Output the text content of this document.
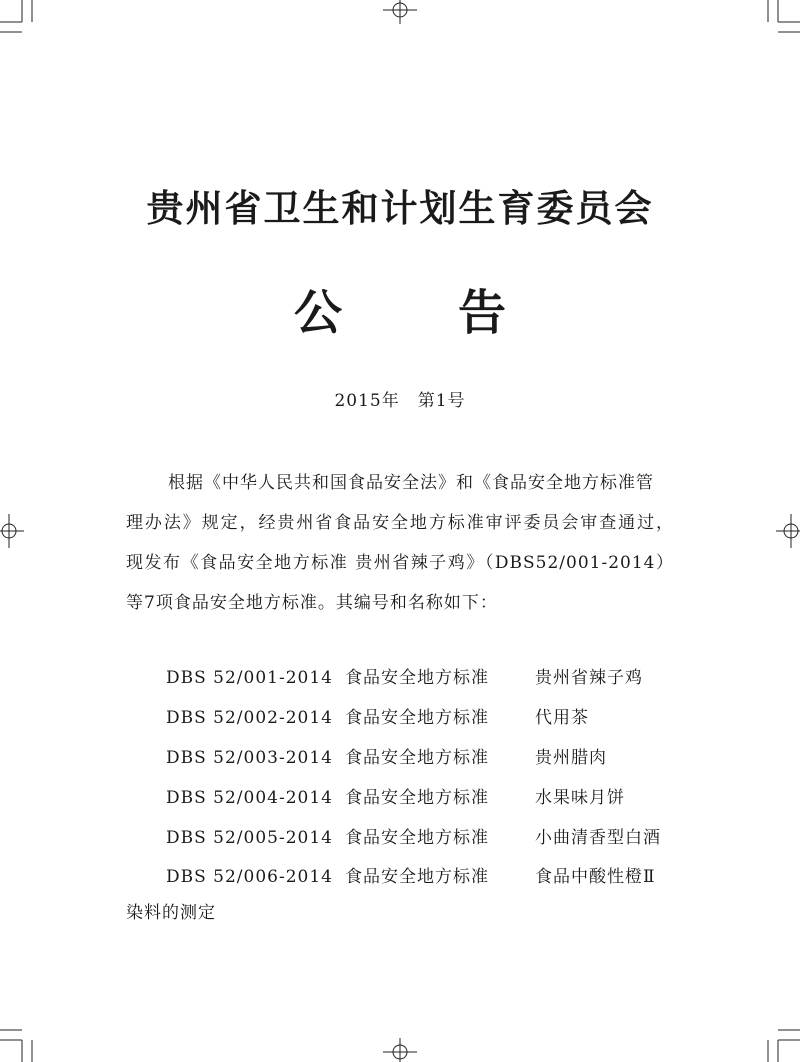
贵州省卫生和计划生育委员会
公 告
2015年　第1号
根据《中华人民共和国食品安全法》和《食品安全地方标准管
理办法》规定，经贵州省食品安全地方标准审评委员会审查通过，
现发布《食品安全地方标准 贵州省辣子鸡》（DBS52/001-2014）
等7项食品安全地方标准。其编号和名称如下：
DBS 52/001-2014 食品安全地方标准	贵州省辣子鸡
DBS 52/002-2014 食品安全地方标准	代用茶
DBS 52/003-2014 食品安全地方标准	贵州腊肉
DBS 52/004-2014 食品安全地方标准	水果味月饼
DBS 52/005-2014 食品安全地方标准	小曲清香型白酒
DBS 52/006-2014 食品安全地方标准	食品中酸性橙Ⅱ
染料的测定
